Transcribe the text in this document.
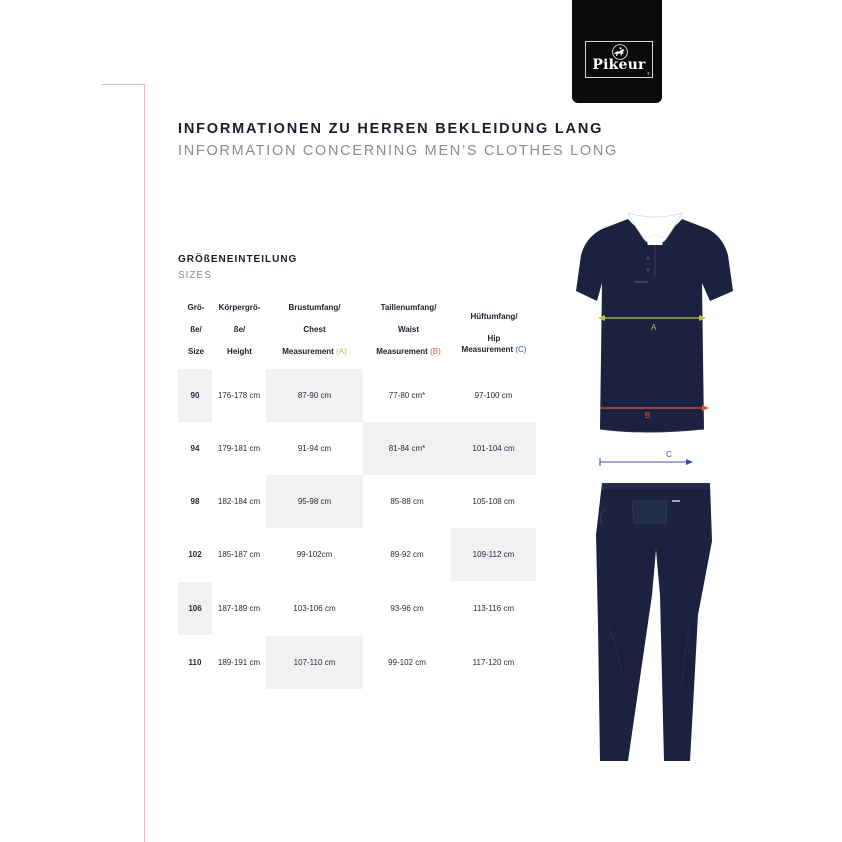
Pikeur
®
INFORMATIONEN ZU HERREN BEKLEIDUNG LANG
INFORMATION CONCERNING MEN’S CLOTHES LONG
GRÖßENEINTEILUNG
SIZES
Grö-
ße/
Size
Körpergrö-
ße/
Height
Brustumfang/
Chest
Measurement (A)
Taillenumfang/
Waist
Measurement (B)
Hüftumfang/
Hip
Measurement (C)
90	176-178 cm	87-90 cm	77-80 cm*	97-100 cm
94	179-181 cm	91-94 cm	81-84 cm*	101-104 cm
98	182-184 cm	95-98 cm	85-88 cm	105-108 cm
102	185-187 cm	99-102cm	89-92 cm	109-112 cm
106	187-189 cm	103-106 cm	93-96 cm	113-116 cm
110	189-191 cm	107-110 cm	99-102 cm	117-120 cm
A
B
C
